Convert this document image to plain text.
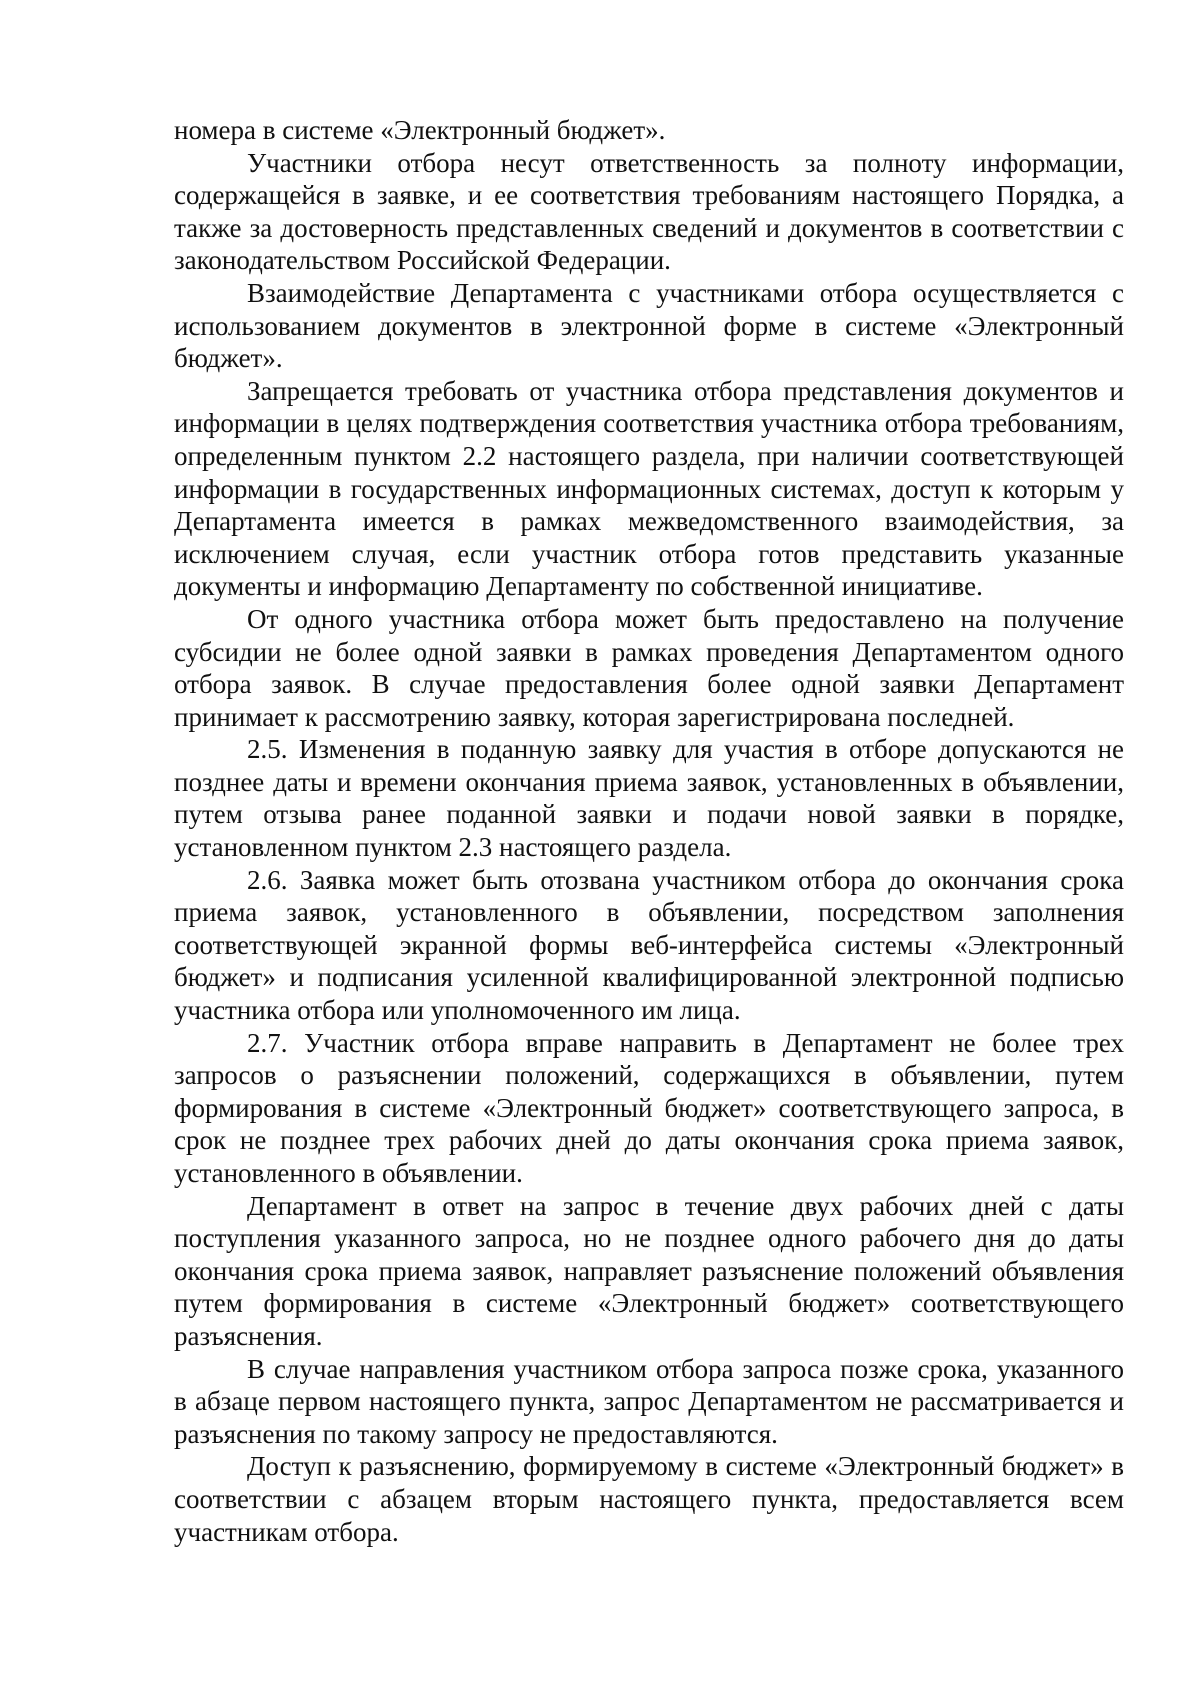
номера в системе «Электронный бюджет».

Участники отбора несут ответственность за полноту информации, содержащейся в заявке, и ее соответствия требованиям настоящего Порядка, а также за достоверность представленных сведений и документов в соответствии с законодательством Российской Федерации.

Взаимодействие Департамента с участниками отбора осуществляется с использованием документов в электронной форме в системе «Электронный бюджет».

Запрещается требовать от участника отбора представления документов и информации в целях подтверждения соответствия участника отбора требованиям, определенным пунктом 2.2 настоящего раздела, при наличии соответствующей информации в государственных информационных системах, доступ к которым у Департамента имеется в рамках межведомственного взаимодействия, за исключением случая, если участник отбора готов представить указанные документы и информацию Департаменту по собственной инициативе.

От одного участника отбора может быть предоставлено на получение субсидии не более одной заявки в рамках проведения Департаментом одного отбора заявок. В случае предоставления более одной заявки Департамент принимает к рассмотрению заявку, которая зарегистрирована последней.

2.5. Изменения в поданную заявку для участия в отборе допускаются не позднее даты и времени окончания приема заявок, установленных в объявлении, путем отзыва ранее поданной заявки и подачи новой заявки в порядке, установленном пунктом 2.3 настоящего раздела.

2.6. Заявка может быть отозвана участником отбора до окончания срока приема заявок, установленного в объявлении, посредством заполнения соответствующей экранной формы веб-интерфейса системы «Электронный бюджет» и подписания усиленной квалифицированной электронной подписью участника отбора или уполномоченного им лица.

2.7. Участник отбора вправе направить в Департамент не более трех запросов о разъяснении положений, содержащихся в объявлении, путем формирования в системе «Электронный бюджет» соответствующего запроса, в срок не позднее трех рабочих дней до даты окончания срока приема заявок, установленного в объявлении.

Департамент в ответ на запрос в течение двух рабочих дней с даты поступления указанного запроса, но не позднее одного рабочего дня до даты окончания срока приема заявок, направляет разъяснение положений объявления путем формирования в системе «Электронный бюджет» соответствующего разъяснения.

В случае направления участником отбора запроса позже срока, указанного в абзаце первом настоящего пункта, запрос Департаментом не рассматривается и разъяснения по такому запросу не предоставляются.

Доступ к разъяснению, формируемому в системе «Электронный бюджет» в соответствии с абзацем вторым настоящего пункта, предоставляется всем участникам отбора.
